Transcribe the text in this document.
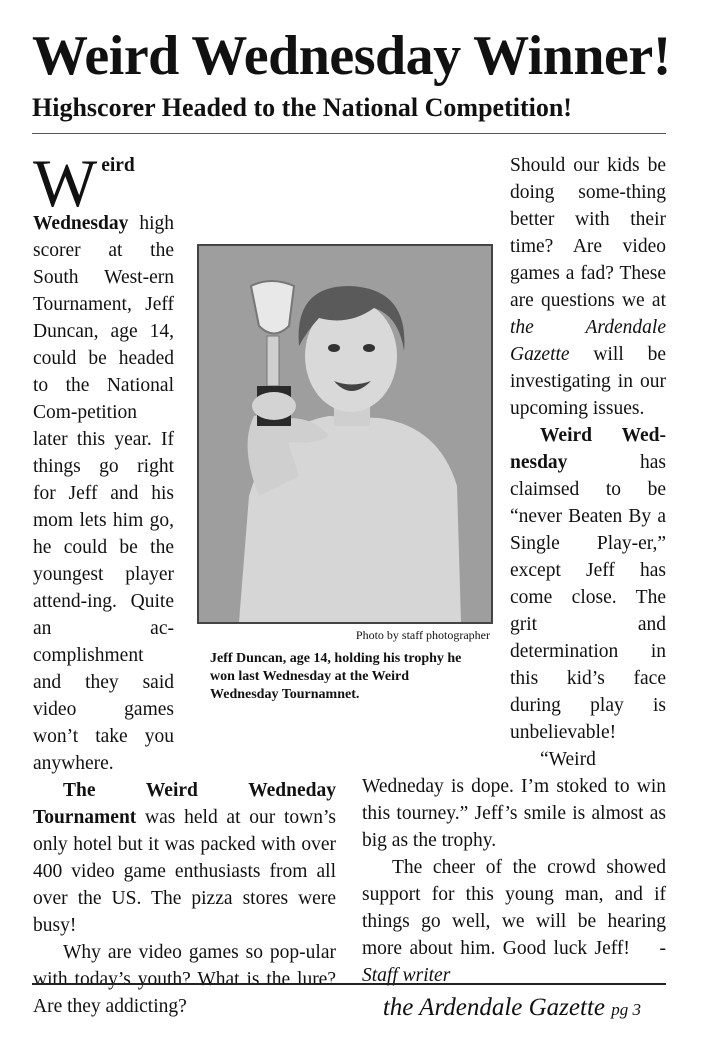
Weird Wednesday Winner!
Highscorer Headed to the National Competition!

Weird Wednesday high scorer at the South West-ern Tournament, Jeff Duncan, age 14, could be headed to the National Com-petition later this year. If things go right for Jeff and his mom lets him go, he could be the youngest player attend-ing. Quite an ac-complishment and they said video games won’t take you anywhere.

The Weird Wedneday Tournament was held at our town’s only hotel but it was packed with over 400 video game enthusiasts from all over the US. The pizza stores were busy!

Why are video games so pop-ular with today’s youth? What is the lure? Are they addicting?

Should our kids be doing some-thing better with their time? Are video games a fad? These are questions we at the Ardendale Gazette will be investigating in our upcoming issues.

Weird Wed-nesday has claimsed to be “never Beaten By a Single Play-er,” except Jeff has come close. The grit and determination in this kid’s face during play is unbelievable!

“Weird Wedneday is dope. I’m stoked to win this tourney.” Jeff’s smile is almost as big as the trophy.

The cheer of the crowd showed support for this young man, and if things go well, we will be hearing more about him. Good luck Jeff! - Staff writer

Photo by staff photographer
Jeff Duncan, age 14, holding his trophy he won last Wednesday at the Weird Wednesday Tournamnet.
the Ardendale Gazette pg 3
